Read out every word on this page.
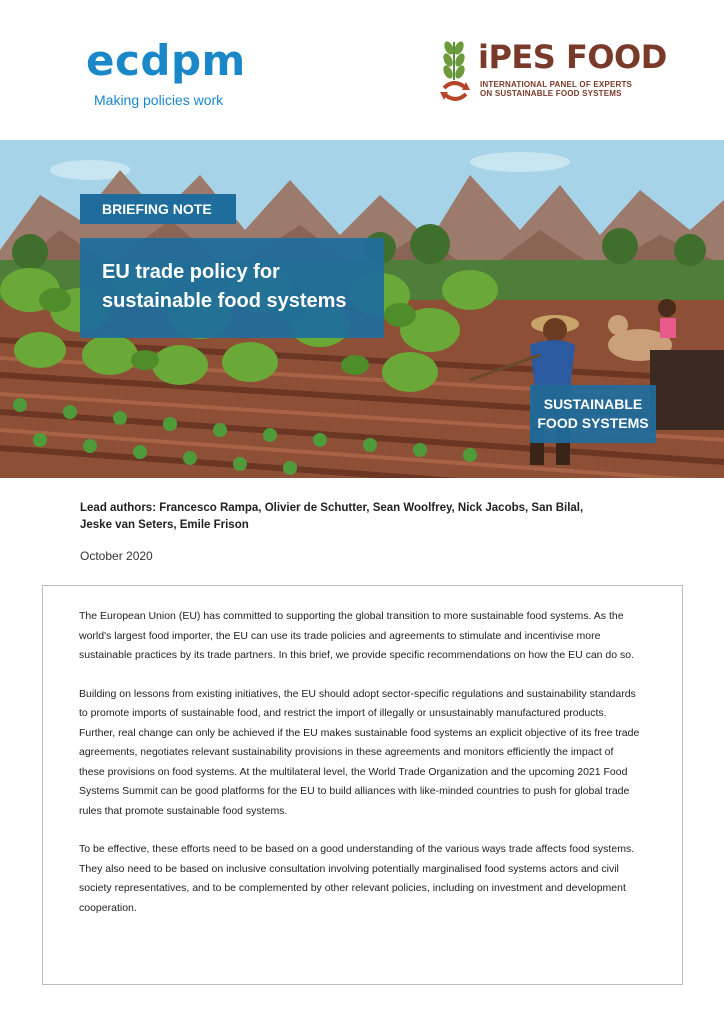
ecdpm
Making policies work
iPES FOOD
INTERNATIONAL PANEL OF EXPERTS
ON SUSTAINABLE FOOD SYSTEMS
BRIEFING NOTE
EU trade policy for
sustainable food systems
SUSTAINABLE
FOOD SYSTEMS
Lead authors: Francesco Rampa, Olivier de Schutter, Sean Woolfrey, Nick Jacobs, San Bilal,
Jeske van Seters, Emile Frison
October 2020

The European Union (EU) has committed to supporting the global transition to more sustainable food systems. As the world's largest food importer, the EU can use its trade policies and agreements to stimulate and incentivise more sustainable practices by its trade partners. In this brief, we provide specific recommendations on how the EU can do so.

Building on lessons from existing initiatives, the EU should adopt sector-specific regulations and sustainability standards to promote imports of sustainable food, and restrict the import of illegally or unsustainably manufactured products. Further, real change can only be achieved if the EU makes sustainable food systems an explicit objective of its free trade agreements, negotiates relevant sustainability provisions in these agreements and monitors efficiently the impact of these provisions on food systems. At the multilateral level, the World Trade Organization and the upcoming 2021 Food Systems Summit can be good platforms for the EU to build alliances with like-minded countries to push for global trade rules that promote sustainable food systems.

To be effective, these efforts need to be based on a good understanding of the various ways trade affects food systems. They also need to be based on inclusive consultation involving potentially marginalised food systems actors and civil society representatives, and to be complemented by other relevant policies, including on investment and development cooperation.
